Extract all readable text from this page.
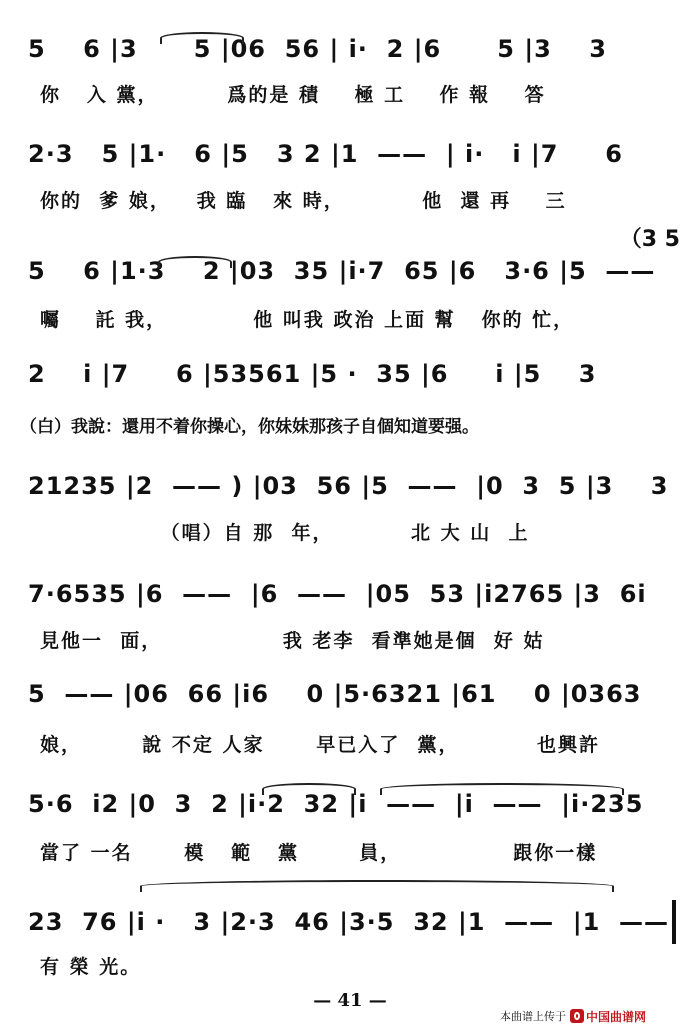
5    6 |3      5 |06  56 | i·  2 |6      5 |3    3
你   入 黨，        爲的是 積    極 工    作 報    答
2·3   5 |1·   6 |5   3 2 |1  ——  | i·   i |7     6
你的  爹 娘，   我 臨   來 時，         他  還 再    三
（3 5
5    6 |1·3    2 |03  35 |i·7  65 |6   3·6 |5  ——
囑    託 我，          他 叫我 政治 上面 幫   你的 忙，
2    i |7     6 |53561 |5 ·  35 |6     i |5    3
（白）我說：還用不着你操心，你妹妹那孩子自個知道要强。
21235 |2  —— ) |03  56 |5  ——  |0  3  5 |3    3
（唱）自 那  年，         北 大 山  上
7·6535 |6  ——  |6  ——  |05  53 |i2765 |3  6i
見他一  面，              我 老李  看準她是個  好 姑
5  —— |06  66 |i6    0 |5·6321 |61    0 |0363
娘，       說 不定 人家      早已入了  黨，         也興許
5·6  i2 |0  3  2 |i·2  32 |i  ——  |i  ——  |i·235
當了 一名      模   範   黨       員，             跟你一樣
23  76 |i ·   3 |2·3  46 |3·5  32 |1  ——  |1  ——
有 榮 光。
— 41 —
本曲谱上传于 中国曲谱网
